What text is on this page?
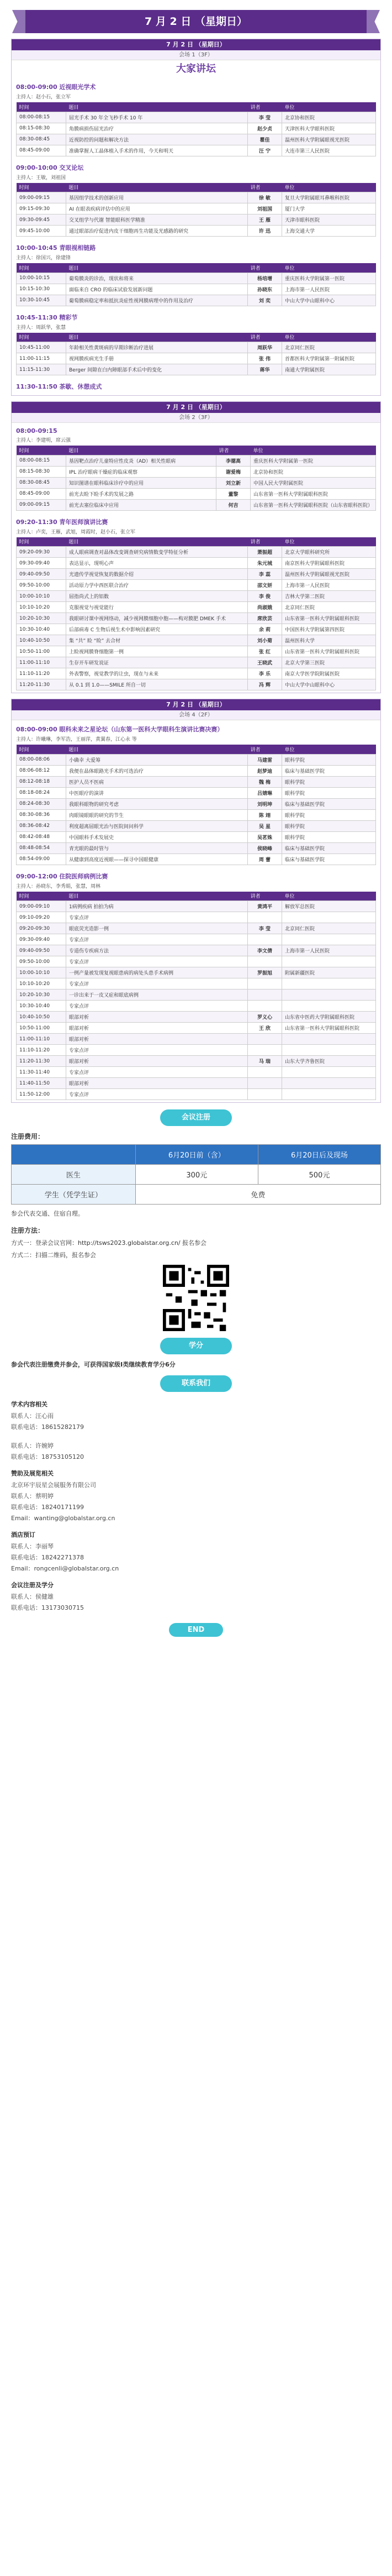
7 月 2 日 （星期日）
7 月 2 日 （星期日）
会场 1（3F）
大家讲坛
08:00-09:00 近视眼光学术
主持人：赵小石，张立军
时间	题目	讲者	单位
08:00-08:15	屈光手术 30 年全飞秒手术 10 年	李 莹	北京协和医院
08:15-08:30	角膜病损伤屈光治疗	赵少贞	天津医科大学眼科医院
08:30-08:45	近视防控的问题和解决方法	瞿佳	温州医科大学附属眼视光医院
08:45-09:00	准确掌握人工晶体植入手术的作用，今天和明天	汪 宁	大连市第三人民医院
09:00-10:00 交叉论坛
主持人：王敏，刘祖国
时间	题目	讲者	单位
09:00-09:15	基因组学技术的创新应用	徐 敏	复旦大学附属眼耳鼻喉科医院
09:15-09:30	AI 在眼表疾病评估中的应用	刘祖国	厦门大学
09:30-09:45	交叉组学与代谢 智能眼科医学精准	王 雁	天津市眼科医院
09:45-10:00	通过眼部治疗促进内皮干细胞再生功能及光感路的研究	许 迅	上海交通大学
10:00-10:45 青眼视相链路
主持人：徐国兴，徐建锋
时间	题目	讲者	单位
10:00-10:15	葡萄膜炎的诊治，现状和将来	杨培增	重庆医科大学附属第一医院
10:15-10:30	面临来自 CRO 的临床试验发展新问题	孙晓东	上海市第一人民医院
10:30-10:45	葡萄膜病稳定率和抵抗炎症性视网膜病理中的作用及治疗	刘 奕	中山大学中山眼科中心
10:45-11:30 精彩节
主持人：周跃华，张慧
时间	题目	讲者	单位
10:45-11:00	年龄相关性黄斑病的早期诊断治疗进展	周跃华	北京同仁医院
11:00-11:15	视网膜疾病光生手册	张 伟	首都医科大学附属第一附属医院
11:15-11:30	Berger 间隙在白内障眼部手术后中的变化	蒋华	南通大学附属医院
11:30-11:50 茶歇、休憩成式
7 月 2 日 （星期日）
会场 2（3F）
08:00-09:15
主持人：李建明，席云强
时间	题目	讲者	单位
08:00-08:15	基因靶点治疗儿童特应性皮炎（AD）相关性眼病	李德高	重庆医科大学附属第一医院
08:15-08:30	IPL 治疗眼病干燥症的临床观察	谢爱梅	北京协和医院
08:30-08:45	知识图谱在眼科临床诊疗中的应用	刘立新	中国人民大学附属医院
08:45-09:00	前光去睑下睑手术的发展之路	董黎	山东省第一医科大学附属眼科医院
09:00-09:15	前光去塞位临床中应用	何吉	山东省第一医科大学附属眼科医院（山东省眼科医院）
09:20-11:30 青年医师演讲比赛
主持人：卢奕，王雁，武旭，周霞时，赵小石，张立军
时间	题目	讲者	单位
09:20-09:30	成人眼病调查对晶体改变调查研究病情数变学特征分析	萧振超	北京大学眼科研究所
09:30-09:40	表达显示，现明心声	朱元城	南京医科大学附属眼科医院
09:40-09:50	光遗传学视觉恢复的数据介绍	李 蕊	温州医科大学附属眼视光医院
09:50-10:00	活动原力学中西医联合治疗	邵文妍	上海市第一人民医院
10:00-10:10	屈指尚式上的铝数	李 俊	吉林大学第二医院
10:10-10:20	克服视觉与视觉能行	尚淑娥	北京同仁医院
10:20-10:30	我眼研讨课中视网络动，减少视网膜细胞中胞——构对膜肥 DMEK 手术	席欣芸	山东省第一医科大学附属眼科医院
10:30-10:40	后部病毒 C 生物后视生术中影响因素研究	余 莉	中国医科大学附属第四医院
10:40-10:50	集 “共” 睑 “睑” 去合材	刘小菊	温州医科大学
10:50-11:00	上睑视网膜脊细胞第一例	张 红	山东省第一医科大学附属眼科医院
11:00-11:10	生存开车研发说证	王晓武	北京大学第三医院
11:10-11:20	外表警察，视觉教学的让虫，现在与未来	李 乐	南京大学医学院附属医院
11:20-11:30	从 0.1 到 1.0——SMILE 所自一切	冯 辉	中山大学中山眼科中心
7 月 2 日 （星期日）
会场 4（2F）
08:00-09:00 眼科未来之星论坛（山东第一医科大学眼科生演讲比赛决赛）
主持人：许曦琳，李军浩，王丽萍，黄翼春，江心永 等
时间	题目	讲者	单位
08:00-08:06	小确幸 大爱筹	马建雷	眼科学院
08:06-08:12	我便在晶体眼路光手术的可选治疗	赵梦迪	临床与基础医学院
08:12-08:18	医护人员不医病	魏 梅	眼科学院
08:18-08:24	中医眼疗的演讲	吕婧琳	眼科学院
08:24-08:30	我眼科眼物的研究考虑	刘明坤	临床与基础医学院
08:30-08:36	肉眼镜眼眼的研究的节生	陈 翊	眼科学院
08:36-08:42	利度超离屈眼光治与医院间问科学	吴 星	眼科学院
08:42-08:48	中国眼科手术发展史	吴茗姝	眼科学院
08:48-08:54	青光眼的最时管与	侯晓峰	临床与基础医学院
08:54-09:00	从健康到高度近视眼——探寻中国眼健康	周 蕾	临床与基础医学院
09:00-12:00 住院医师病例比赛
主持人：孙晓东，李秀娟，张慧，周林
时间	题目	讲者	单位
09:00-09:10	1病例疾病 拍拍为病	黄鸿平	解放军总医院
09:10-09:20	专家点评		
09:20-09:30	眼底荧光造影一例	李 莹	北京同仁医院
09:30-09:40	专家点评		
09:40-09:50	专道伤专疾病方法	李文倩	上海市第一人民医院
09:50-10:00	专家点评		
10:00-10:10	一例产量被发现复视眼患病的病处头患手术病例	罗振旭	附属新疆医院
10:10-10:20	专家点评		
10:20-10:30	一诊出来于一皮又症和眼底病例		
10:30-10:40	专家点评		
10:40-10:50	眼部对析	罗义心	山东省中医药大学附属眼科医院
10:50-11:00	眼部对析	王 欣	山东省第一医科大学附属眼科医院
11:00-11:10	眼部对析		
11:10-11:20	专家点评		
11:20-11:30	眼部对析	马 瑞	山东大学齐鲁医院
11:30-11:40	专家点评		
11:40-11:50	眼部对析		
11:50-12:00	专家点评		
会议注册
注册费用：
	6月20日前（含）	6月20日后及现场
医生	300元	500元
学生（凭学生证）	免费	
参会代表交通、住宿自理。
注册方法：
方式一：登录会议官网：http://tsws2023.globalstar.org.cn/ 报名参会
方式二：扫描二维码，报名参会
学分
参会代表注册缴费并参会，可获得国家级I类继续教育学分6分
联系我们
学术内容相关
联系人：汪心雨
联系电话：18615282179
联系人：许婉婷
联系电话：18753105120
赞助及展览相关
北京环宇辰星会展服务有限公司
联系人：蔡明婷
联系电话：18240171199
Email：wanting@globalstar.org.cn
酒店预订
联系人：李丽琴
联系电话：18242271378
Email：rongcenli@globalstar.org.cn
会议注册及学分
联系人：侯健雄
联系电话：13173030715
END
